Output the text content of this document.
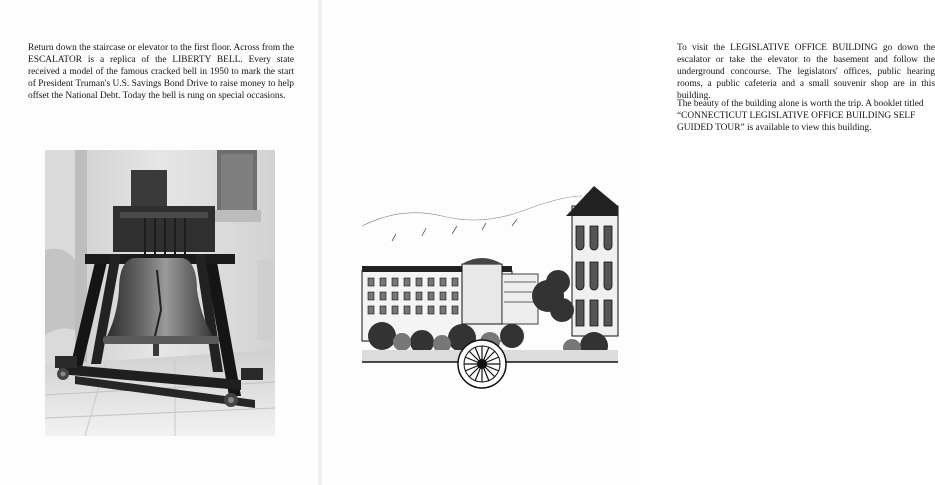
Return down the staircase or elevator to the first floor. Across from the ESCALATOR is a replica of the LIBERTY BELL. Every state received a model of the famous cracked bell in 1950 to mark the start of President Truman's U.S. Savings Bond Drive to raise money to help offset the National Debt. Today the bell is rung on special occasions.

To visit the LEGISLATIVE OFFICE BUILDING go down the escalator or take the elevator to the basement and follow the underground concourse. The legislators' offices, public hearing rooms, a public cafeteria and a small souvenir shop are in this building.

The beauty of the building alone is worth the trip. A booklet titled “CONNECTICUT LEGISLATIVE OFFICE BUILDING SELF GUIDED TOUR” is available to view this building.
